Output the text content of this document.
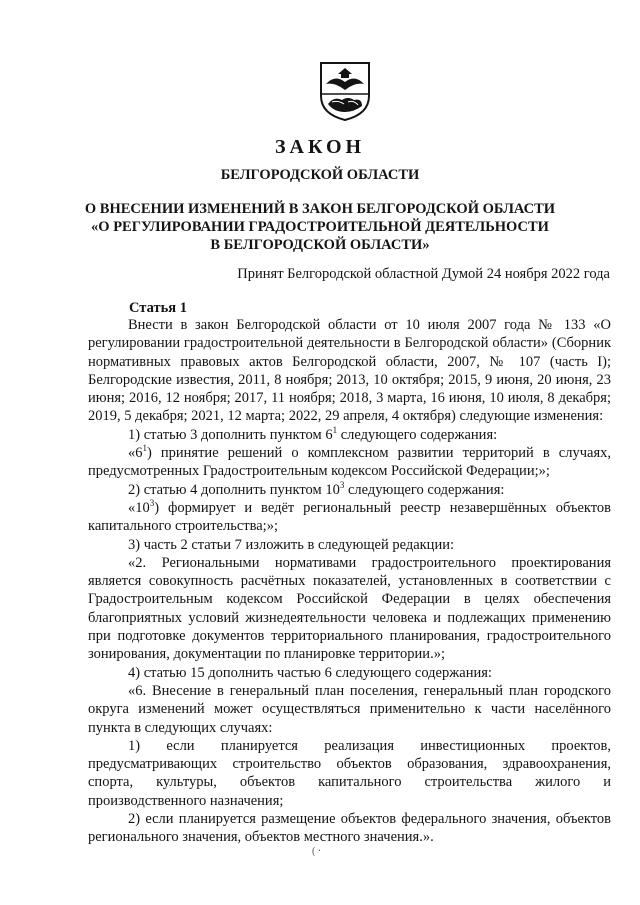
ЗАКОН
БЕЛГОРОДСКОЙ ОБЛАСТИ
О ВНЕСЕНИИ ИЗМЕНЕНИЙ В ЗАКОН БЕЛГОРОДСКОЙ ОБЛАСТИ
«О РЕГУЛИРОВАНИИ ГРАДОСТРОИТЕЛЬНОЙ ДЕЯТЕЛЬНОСТИ
В БЕЛГОРОДСКОЙ ОБЛАСТИ»
Принят Белгородской областной Думой 24 ноября 2022 года
Статья 1

Внести в закон Белгородской области от 10 июля 2007 года № 133 «О регулировании градостроительной деятельности в Белгородской области» (Сборник нормативных правовых актов Белгородской области, 2007, № 107 (часть I); Белгородские известия, 2011, 8 ноября; 2013, 10 октября; 2015, 9 июня, 20 июня, 23 июня; 2016, 12 ноября; 2017, 11 ноября; 2018, 3 марта, 16 июня, 10 июля, 8 декабря; 2019, 5 декабря; 2021, 12 марта; 2022, 29 апреля, 4 октября) следующие изменения:

1) статью 3 дополнить пунктом $6^1$ следующего содержания:

«$6^1$) принятие решений о комплексном развитии территорий в случаях, предусмотренных Градостроительным кодексом Российской Федерации;»;

2) статью 4 дополнить пунктом $10^3$ следующего содержания:

«$10^3$) формирует и ведёт региональный реестр незавершённых объектов капитального строительства;»;

3) часть 2 статьи 7 изложить в следующей редакции:

«2. Региональными нормативами градостроительного проектирования является совокупность расчётных показателей, установленных в соответствии с Градостроительным кодексом Российской Федерации в целях обеспечения благоприятных условий жизнедеятельности человека и подлежащих применению при подготовке документов территориального планирования, градостроительного зонирования, документации по планировке территории.»;

4) статью 15 дополнить частью 6 следующего содержания:

«6. Внесение в генеральный план поселения, генеральный план городского округа изменений может осуществляться применительно к части населённого пункта в следующих случаях:

1) если планируется реализация инвестиционных проектов, предусматривающих строительство объектов образования, здравоохранения, спорта, культуры, объектов капитального строительства жилого и производственного назначения;

2) если планируется размещение объектов федерального значения, объектов регионального значения, объектов местного значения.».

( ·
